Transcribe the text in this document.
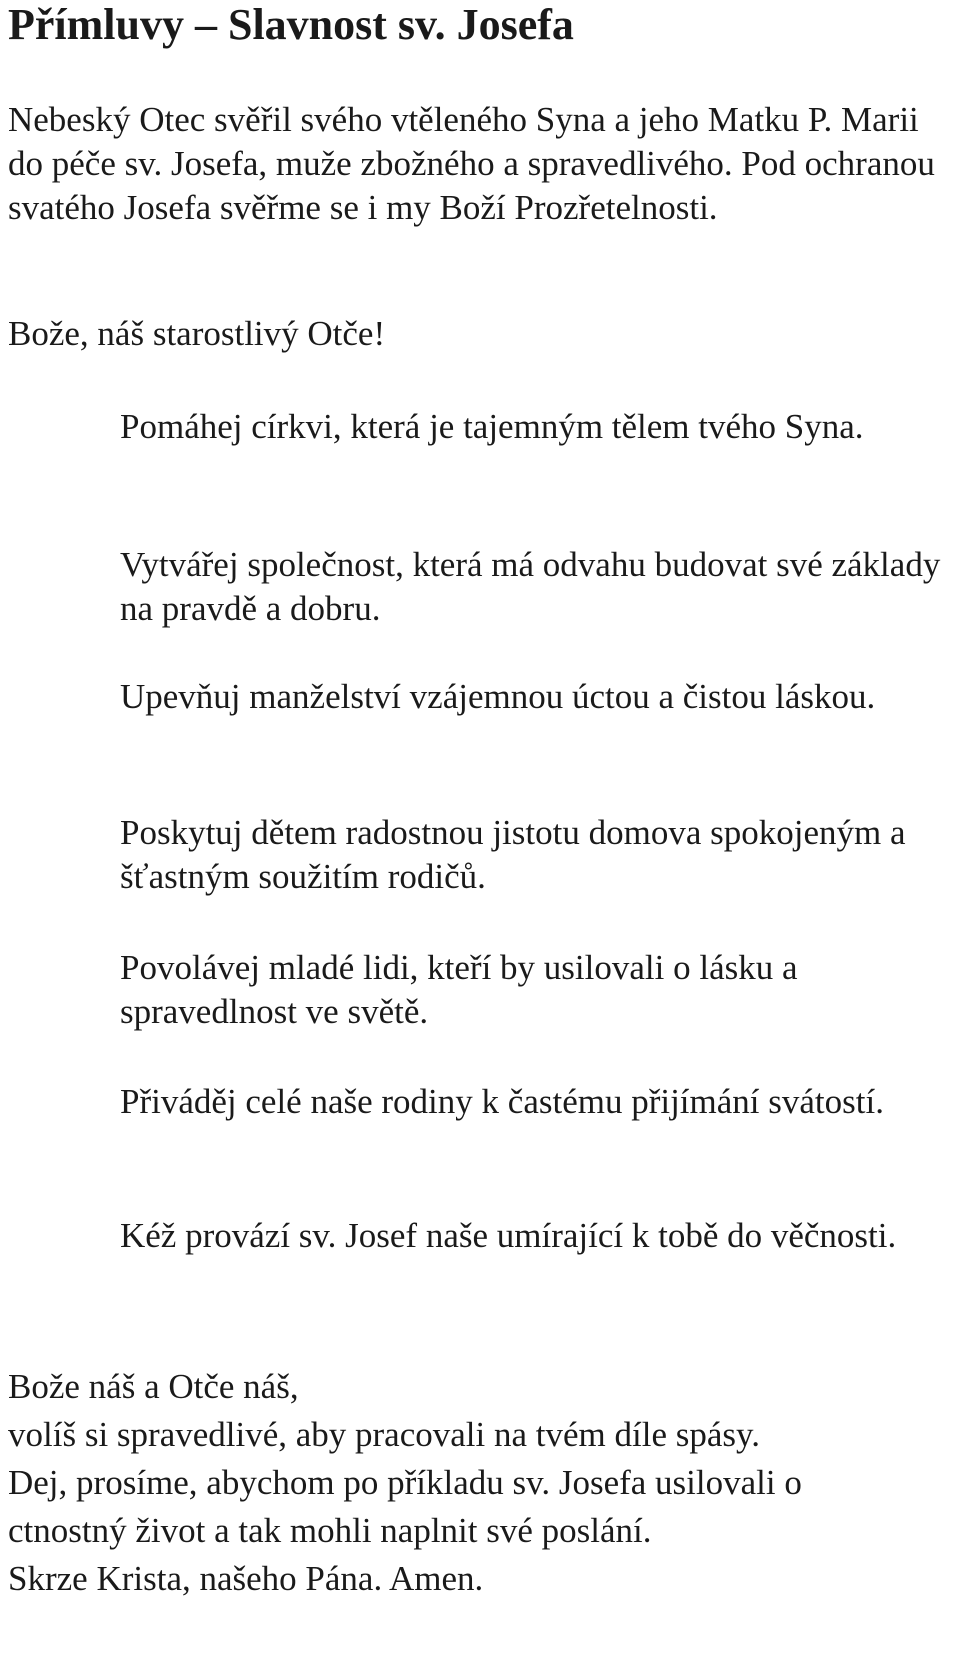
Přímluvy – Slavnost sv. Josefa

Nebeský Otec svěřil svého vtěleného Syna a jeho Matku P. Marii do péče sv. Josefa, muže zbožného a spravedlivého. Pod ochranou svatého Josefa svěřme se i my Boží Prozřetelnosti.

Bože, náš starostlivý Otče!

Pomáhej církvi, která je tajemným tělem tvého Syna.

Vytvářej společnost, která má odvahu budovat své základy na pravdě a dobru.

Upevňuj manželství vzájemnou úctou a čistou láskou.

Poskytuj dětem radostnou jistotu domova spokojeným a šťastným soužitím rodičů.

Povolávej mladé lidi, kteří by usilovali o lásku a spravedlnost ve světě.

Přiváděj celé naše rodiny k častému přijímání svátostí.

Kéž provází sv. Josef naše umírající k tobě do věčnosti.

Bože náš a Otče náš,

volíš si spravedlivé, aby pracovali na tvém díle spásy.

Dej, prosíme, abychom po příkladu sv. Josefa usilovali o

ctnostný život a tak mohli naplnit své poslání.

Skrze Krista, našeho Pána. Amen.
